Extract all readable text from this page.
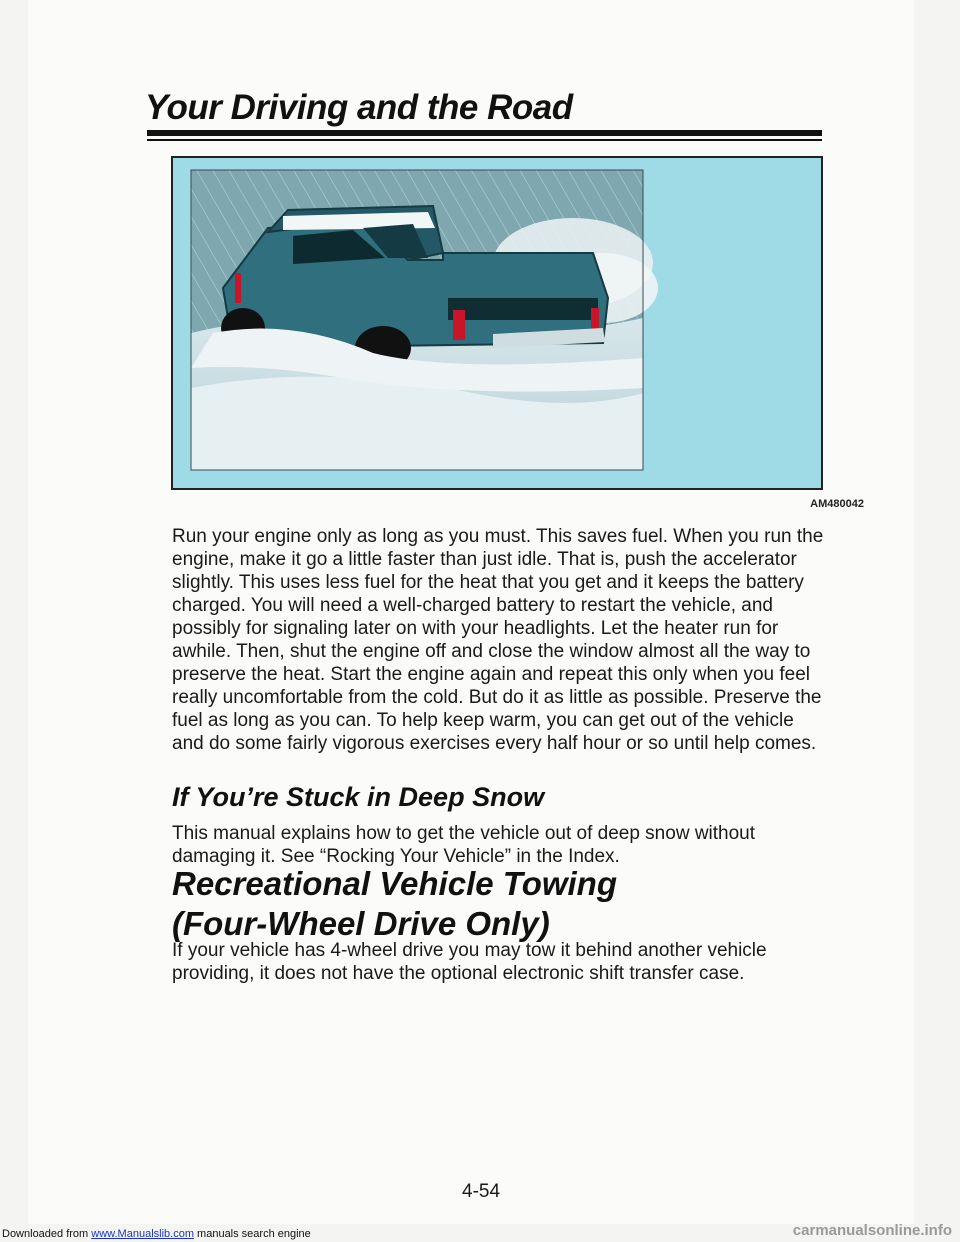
Your Driving and the Road
AM480042

Run your engine only as long as you must. This saves fuel. When you run the engine, make it go a little faster than just idle. That is, push the accelerator slightly. This uses less fuel for the heat that you get and it keeps the battery charged. You will need a well-charged battery to restart the vehicle, and possibly for signaling later on with your headlights. Let the heater run for awhile. Then, shut the engine off and close the window almost all the way to preserve the heat. Start the engine again and repeat this only when you feel really uncomfortable from the cold. But do it as little as possible. Preserve the fuel as long as you can. To help keep warm, you can get out of the vehicle and do some fairly vigorous exercises every half hour or so until help comes.

If You’re Stuck in Deep Snow

This manual explains how to get the vehicle out of deep snow without damaging it. See “Rocking Your Vehicle” in the Index.

Recreational Vehicle Towing
(Four-Wheel Drive Only)

If your vehicle has 4-wheel drive you may tow it behind another vehicle providing, it does not have the optional electronic shift transfer case.

4-54
Downloaded from www.Manualslib.com manuals search engine	carmanualsonline.info
